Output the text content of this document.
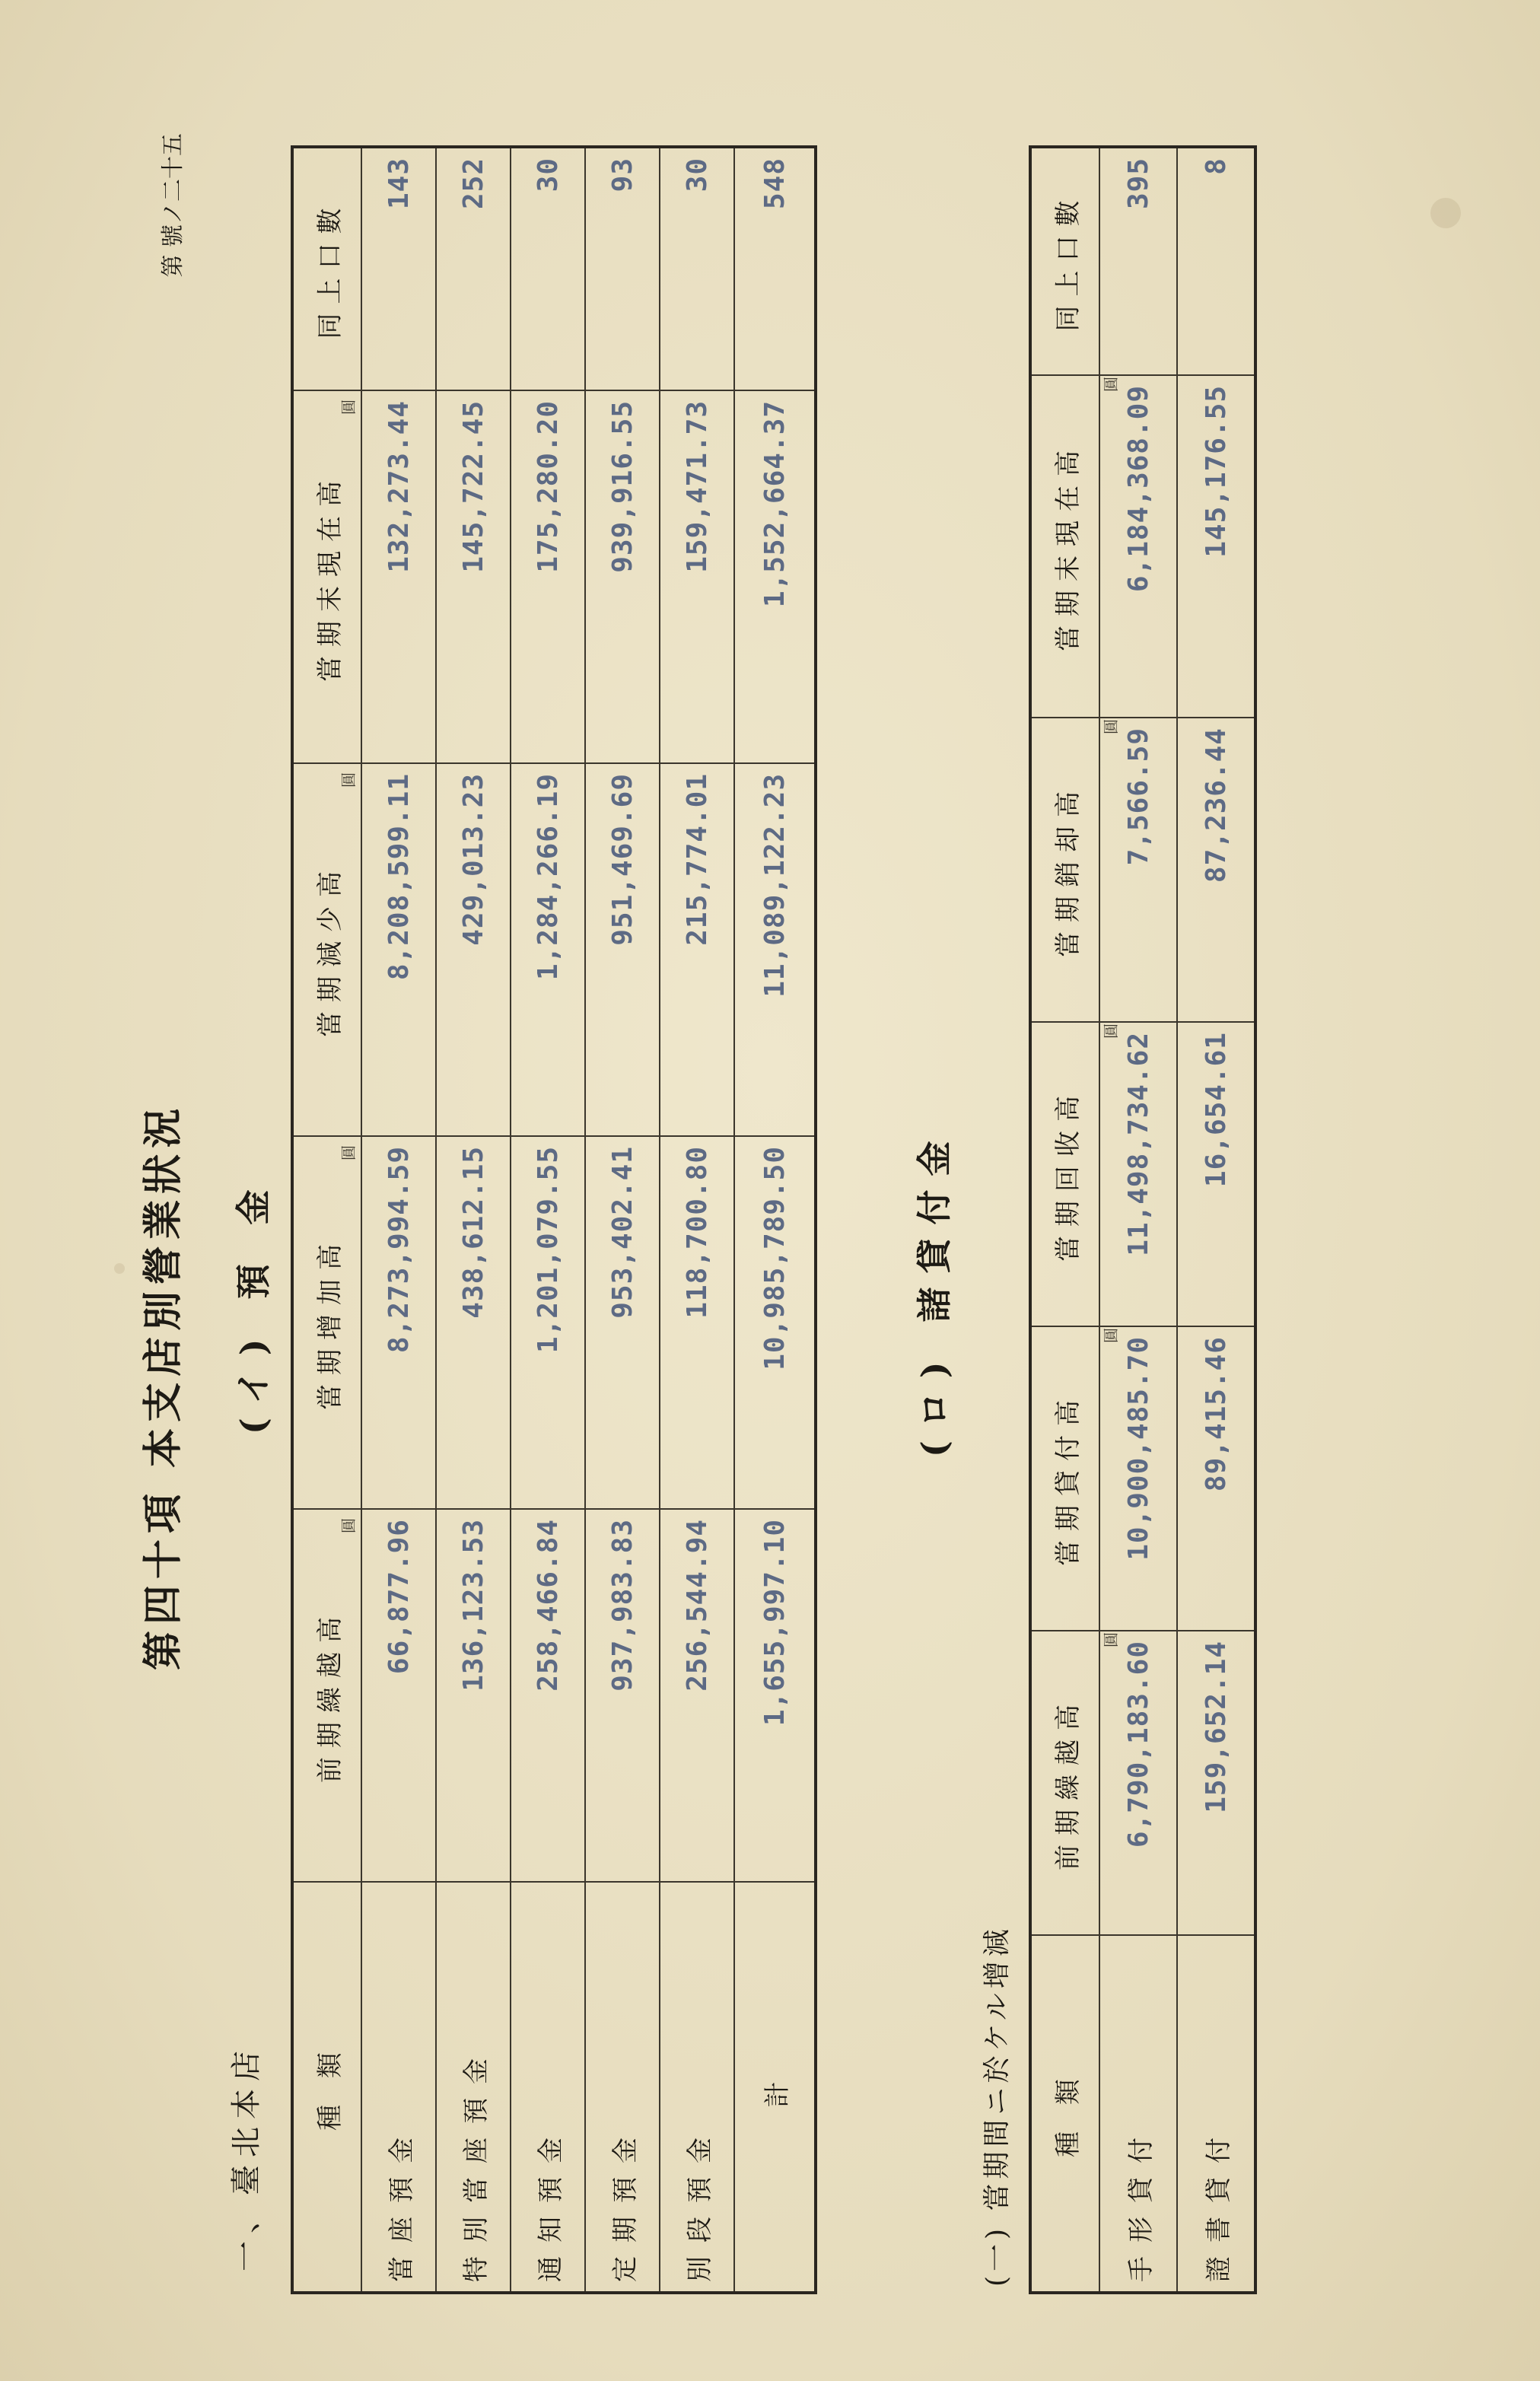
第四十項 本支店別營業狀況
第 號ノ二十五
一、臺北本店
(イ) 預 金
種 類	前期繰越高	當期增加高	當期減少高	當期末現在高	同上口數
當座預金	66,877.96	8,273,994.59	8,208,599.11	132,273.44	143
特別當座預金	136,123.53	438,612.15	429,013.23	145,722.45	252
通知預金	258,466.84	1,201,079.55	1,284,266.19	175,280.20	30
定期預金	937,983.83	953,402.41	951,469.69	939,916.55	93
別段預金	256,544.94	118,700.80	215,774.01	159,471.73	30
計	1,655,997.10	10,985,789.50	11,089,122.23	1,552,664.37	548
(ロ) 諸貸付金
(一) 當期間ニ於ケル增減 種 類	前期繰越高	當期貸付高	當期回收高	當期銷却高	當期末現在高	同上口數
手形貸付	6,790,183.60	10,900,485.70	11,498,734.62	7,566.59	6,184,368.09	395
證書貸付	159,652.14	89,415.46	16,654.61	87,236.44	145,176.55	8
圓
圓
圓
圓
圓
圓
圓
圓
圓
